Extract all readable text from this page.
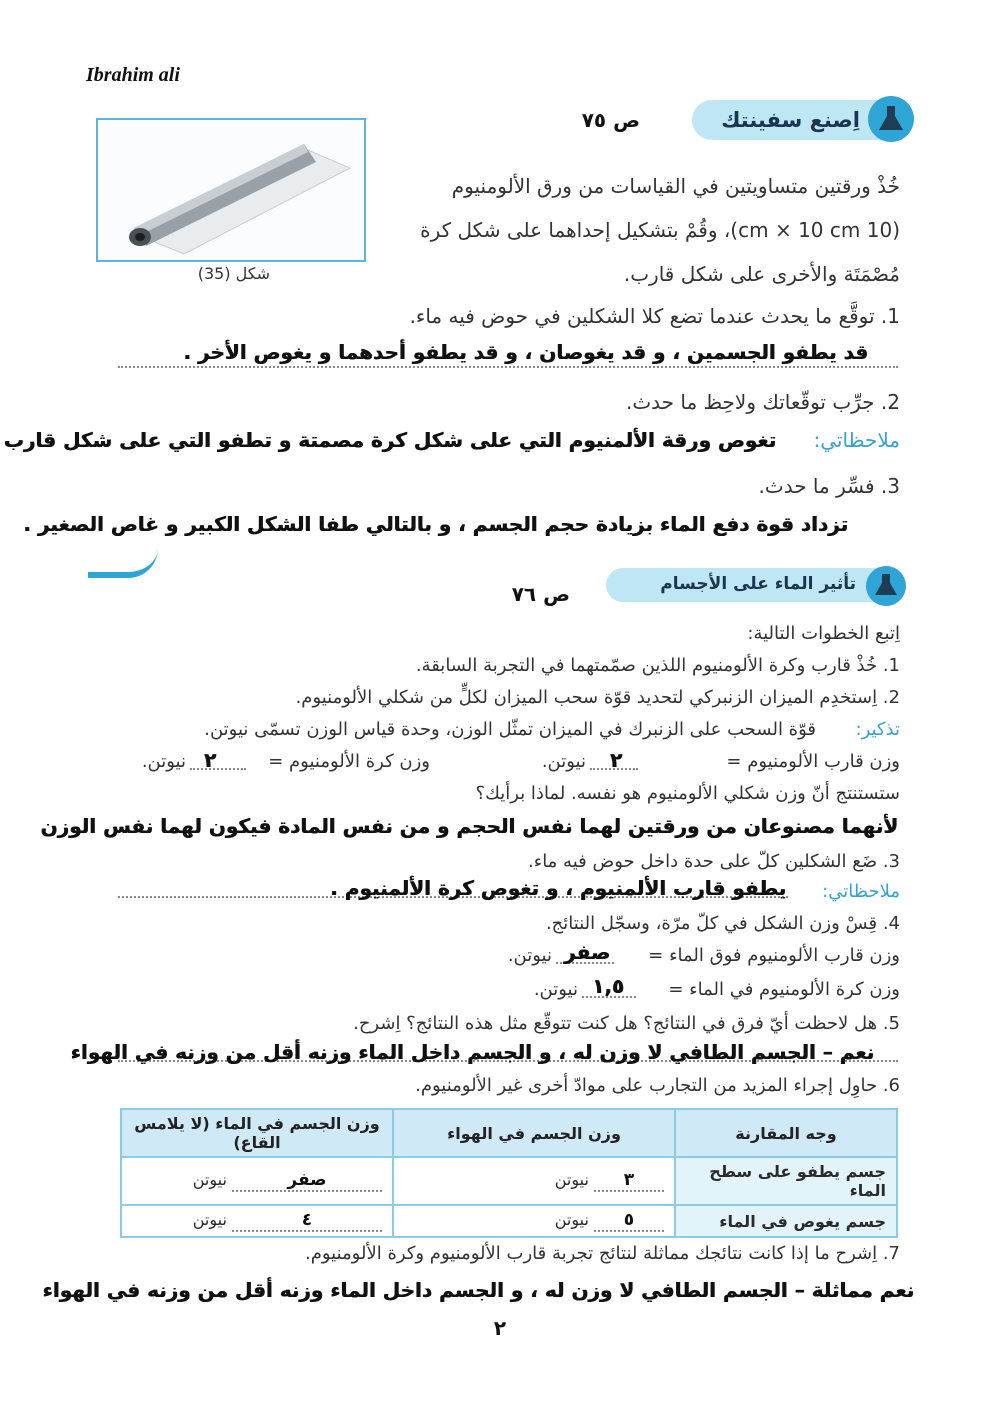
Ibrahim ali
اِصنع سفينتك
ص ٧٥
شكل (35)
خُذْ ورقتين متساويتين في القياسات من ورق الألومنيوم
(10 cm × 10 cm)، وقُمْ بتشكيل إحداهما على شكل كرة
مُصْمَتَة والأخرى على شكل قارب.
1. توقَّع ما يحدث عندما تضع كلا الشكلين في حوض فيه ماء.
قد يطفو الجسمين ، و قد يغوصان ، و قد يطفو أحدهما و يغوص الأخر .
2. جرِّب توقّعاتك ولاحِظ ما حدث.
ملاحظاتي:
تغوص ورقة الألمنيوم التي على شكل كرة مصمتة و تطفو التي على شكل قارب
3. فسِّر ما حدث.
تزداد قوة دفع الماء بزيادة حجم الجسم ، و بالتالي طفا الشكل الكبير و غاص الصغير .
تأثير الماء على الأجسام
ص ٧٦
اِتبع الخطوات التالية:
1. خُذْ قارب وكرة الألومنيوم اللذين صمّمتهما في التجربة السابقة.
2. اِستخدِم الميزان الزنبركي لتحديد قوّة سحب الميزان لكلٍّ من شكلي الألومنيوم.
تذكير:
قوّة السحب على الزنبرك في الميزان تمثّل الوزن، وحدة قياس الوزن تسمّى نيوتن.
وزن قارب الألومنيوم =
٢
نيوتن.
وزن كرة الألومنيوم =
٢
نيوتن.
ستستنتج أنّ وزن شكلي الألومنيوم هو نفسه. لماذا برأيك؟
لأنهما مصنوعان من ورقتين لهما نفس الحجم و من نفس المادة فيكون لهما نفس الوزن
3. ضَع الشكلين كلّ على حدة داخل حوض فيه ماء.
ملاحظاتي:
يطفو قارب الألمنيوم ، و تغوص كرة الألمنيوم .
4. قِسْ وزن الشكل في كلّ مرّة، وسجّل النتائج.
وزن قارب الألومنيوم فوق الماء =
صفر
نيوتن.
وزن كرة الألومنيوم في الماء =
١,٥
نيوتن.
5. هل لاحظت أيّ فرق في النتائج؟ هل كنت تتوقّع مثل هذه النتائج؟ اِشرح.
نعم – الجسم الطافي لا وزن له ، و الجسم داخل الماء وزنه أقل من وزنه في الهواء
6. حاوِل إجراء المزيد من التجارب على موادّ أخرى غير الألومنيوم.
وجه المقارنة	وزن الجسم في الهواء	وزن الجسم في الماء (لا يلامس القاع)
جسم يطفو على سطح الماء	٣ نيوتن	صفر نيوتن
جسم يغوص في الماء	٥ نيوتن	٤ نيوتن
7. اِشرح ما إذا كانت نتائجك مماثلة لنتائج تجربة قارب الألومنيوم وكرة الألومنيوم.
نعم مماثلة – الجسم الطافي لا وزن له ، و الجسم داخل الماء وزنه أقل من وزنه في الهواء
٢
